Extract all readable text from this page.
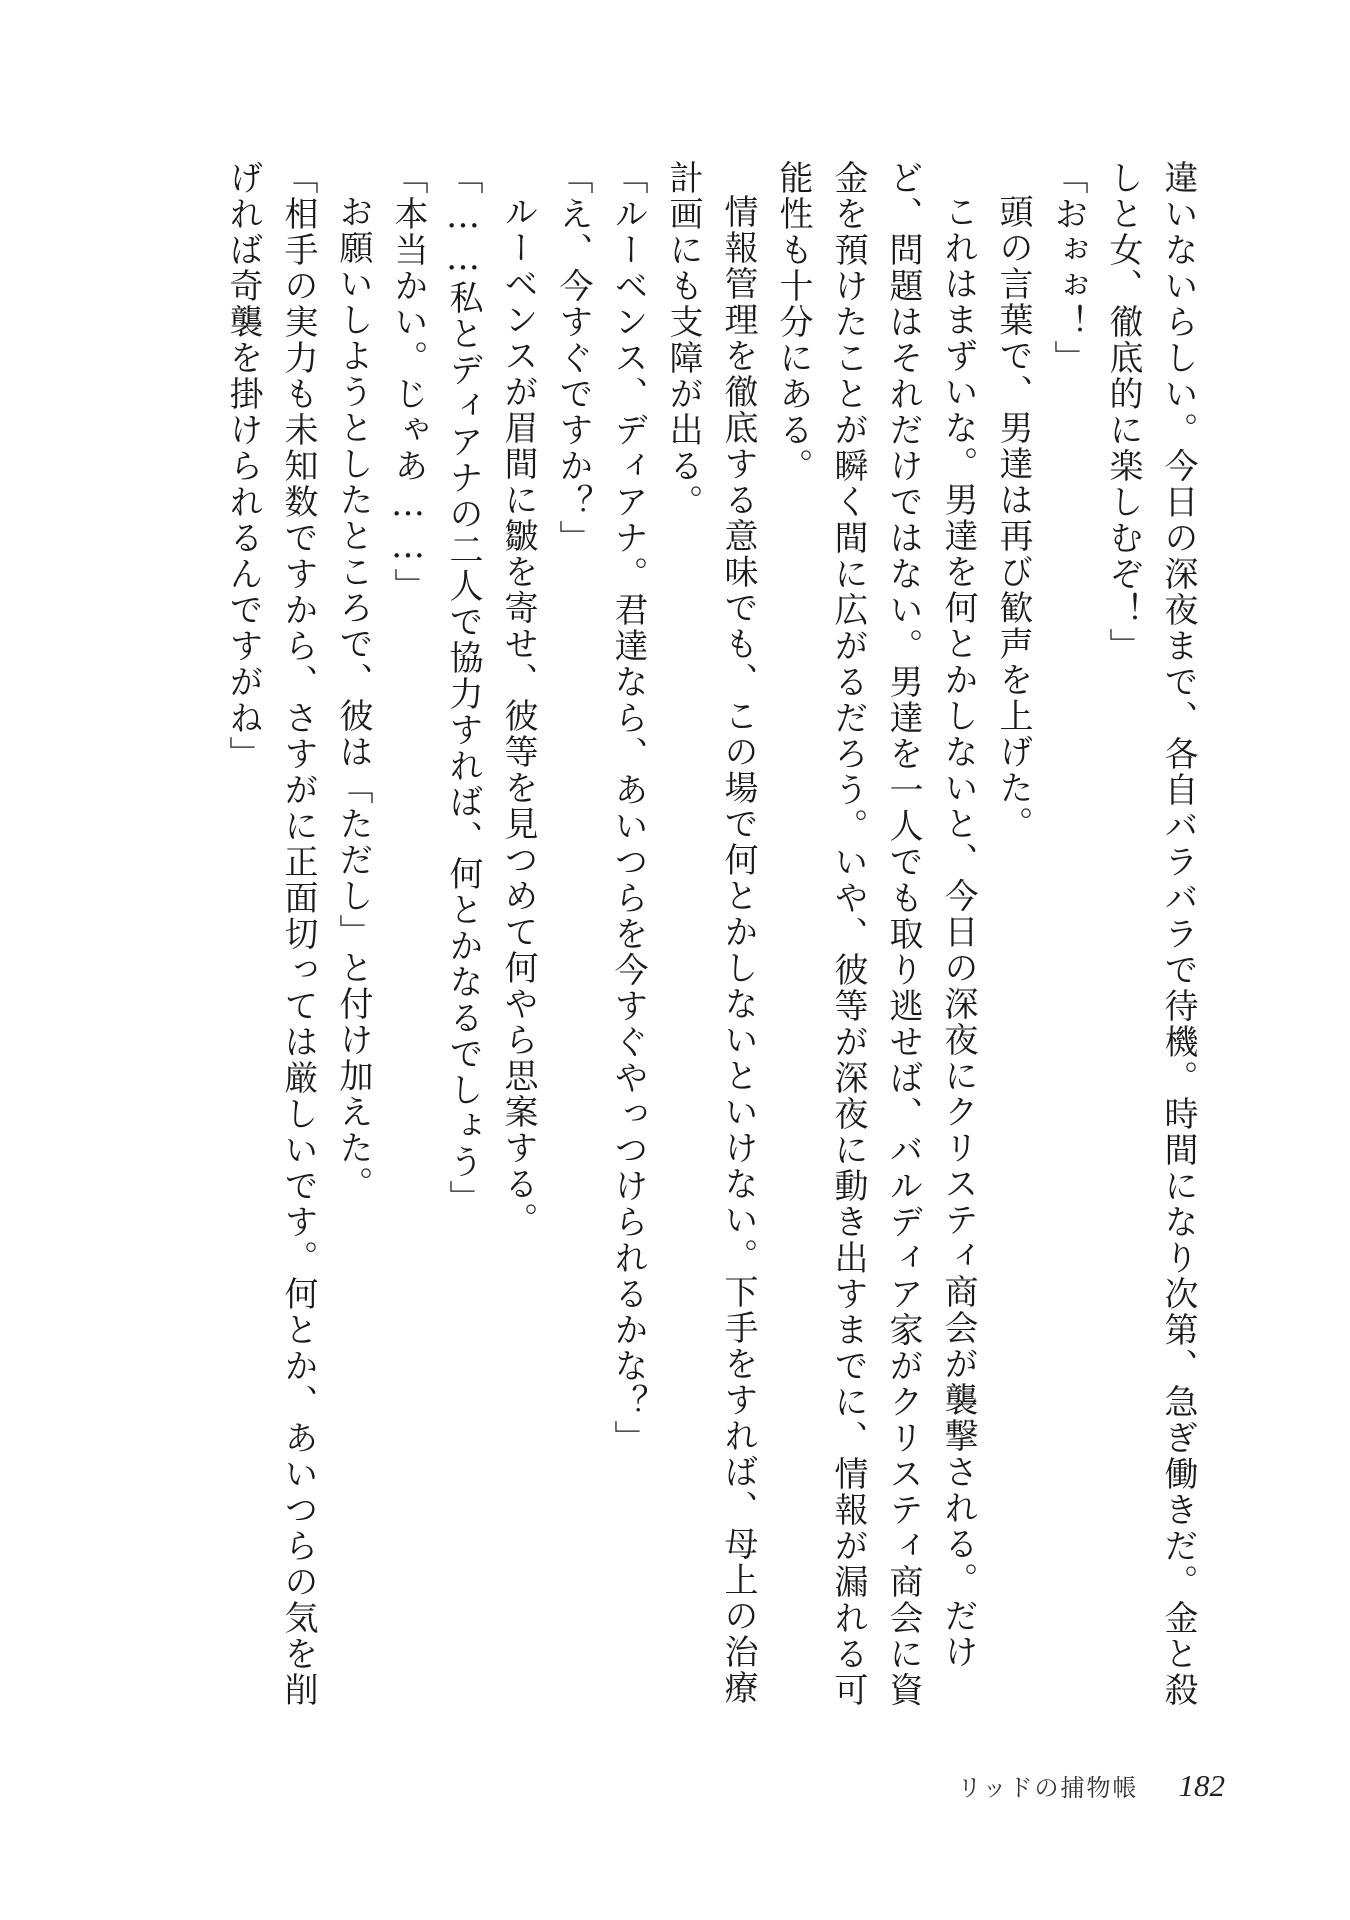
違いないらしい。今日の深夜まで、各自バラバラで待機。時間になり次第、急ぎ働きだ。金と殺しと女、徹底的に楽しむぞ！」

「おぉぉ！」

頭の言葉で、男達は再び歓声を上げた。

これはまずいな。男達を何とかしないと、今日の深夜にクリスティ商会が襲撃される。だけど、問題はそれだけではない。男達を一人でも取り逃せば、バルディア家がクリスティ商会に資金を預けたことが瞬く間に広がるだろう。いや、彼等が深夜に動き出すまでに、情報が漏れる可能性も十分にある。

情報管理を徹底する意味でも、この場で何とかしないといけない。下手をすれば、母上の治療計画にも支障が出る。

「ルーベンス、ディアナ。君達なら、あいつらを今すぐやっつけられるかな？」

「え、今すぐですか？」

ルーベンスが眉間に皺を寄せ、彼等を見つめて何やら思案する。

「……私とディアナの二人で協力すれば、何とかなるでしょう」

「本当かい。じゃあ……」

お願いしようとしたところで、彼は「ただし」と付け加えた。

「相手の実力も未知数ですから、さすがに正面切っては厳しいです。何とか、あいつらの気を削げれば奇襲を掛けられるんですがね」

リッドの捕物帳 182
